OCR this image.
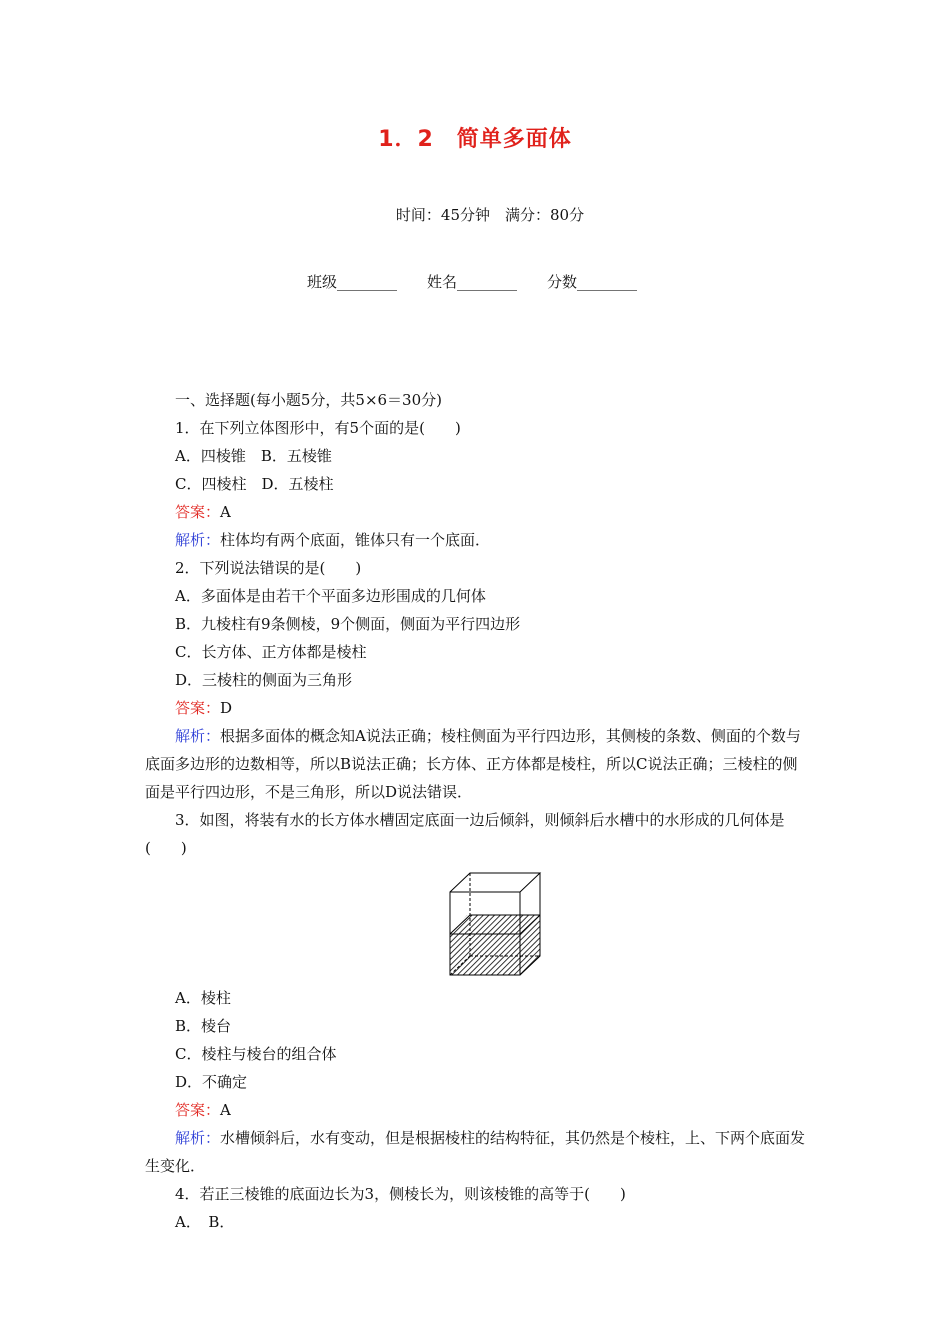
1．2　简单多面体
时间：45分钟　满分：80分
班级________ 姓名________ 分数________
一、选择题(每小题5分，共5×6＝30分)
1．在下列立体图形中，有5个面的是(　　)
A．四棱锥　B．五棱锥
C．四棱柱　D．五棱柱
答案：A
解析：柱体均有两个底面，锥体只有一个底面．
2．下列说法错误的是(　　)
A．多面体是由若干个平面多边形围成的几何体
B．九棱柱有9条侧棱，9个侧面，侧面为平行四边形
C．长方体、正方体都是棱柱
D．三棱柱的侧面为三角形
答案：D
解析：根据多面体的概念知A说法正确；棱柱侧面为平行四边形，其侧棱的条数、侧面的个数与底面多边形的边数相等，所以B说法正确；长方体、正方体都是棱柱，所以C说法正确；三棱柱的侧面是平行四边形，不是三角形，所以D说法错误．
3．如图，将装有水的长方体水槽固定底面一边后倾斜，则倾斜后水槽中的水形成的几何体是(　　)
A．棱柱
B．棱台
C．棱柱与棱台的组合体
D．不确定
答案：A
解析：水槽倾斜后，水有变动，但是根据棱柱的结构特征，其仍然是个棱柱，上、下两个底面发生变化．
4．若正三棱锥的底面边长为3，侧棱长为，则该棱锥的高等于(　　)
A．　B．
